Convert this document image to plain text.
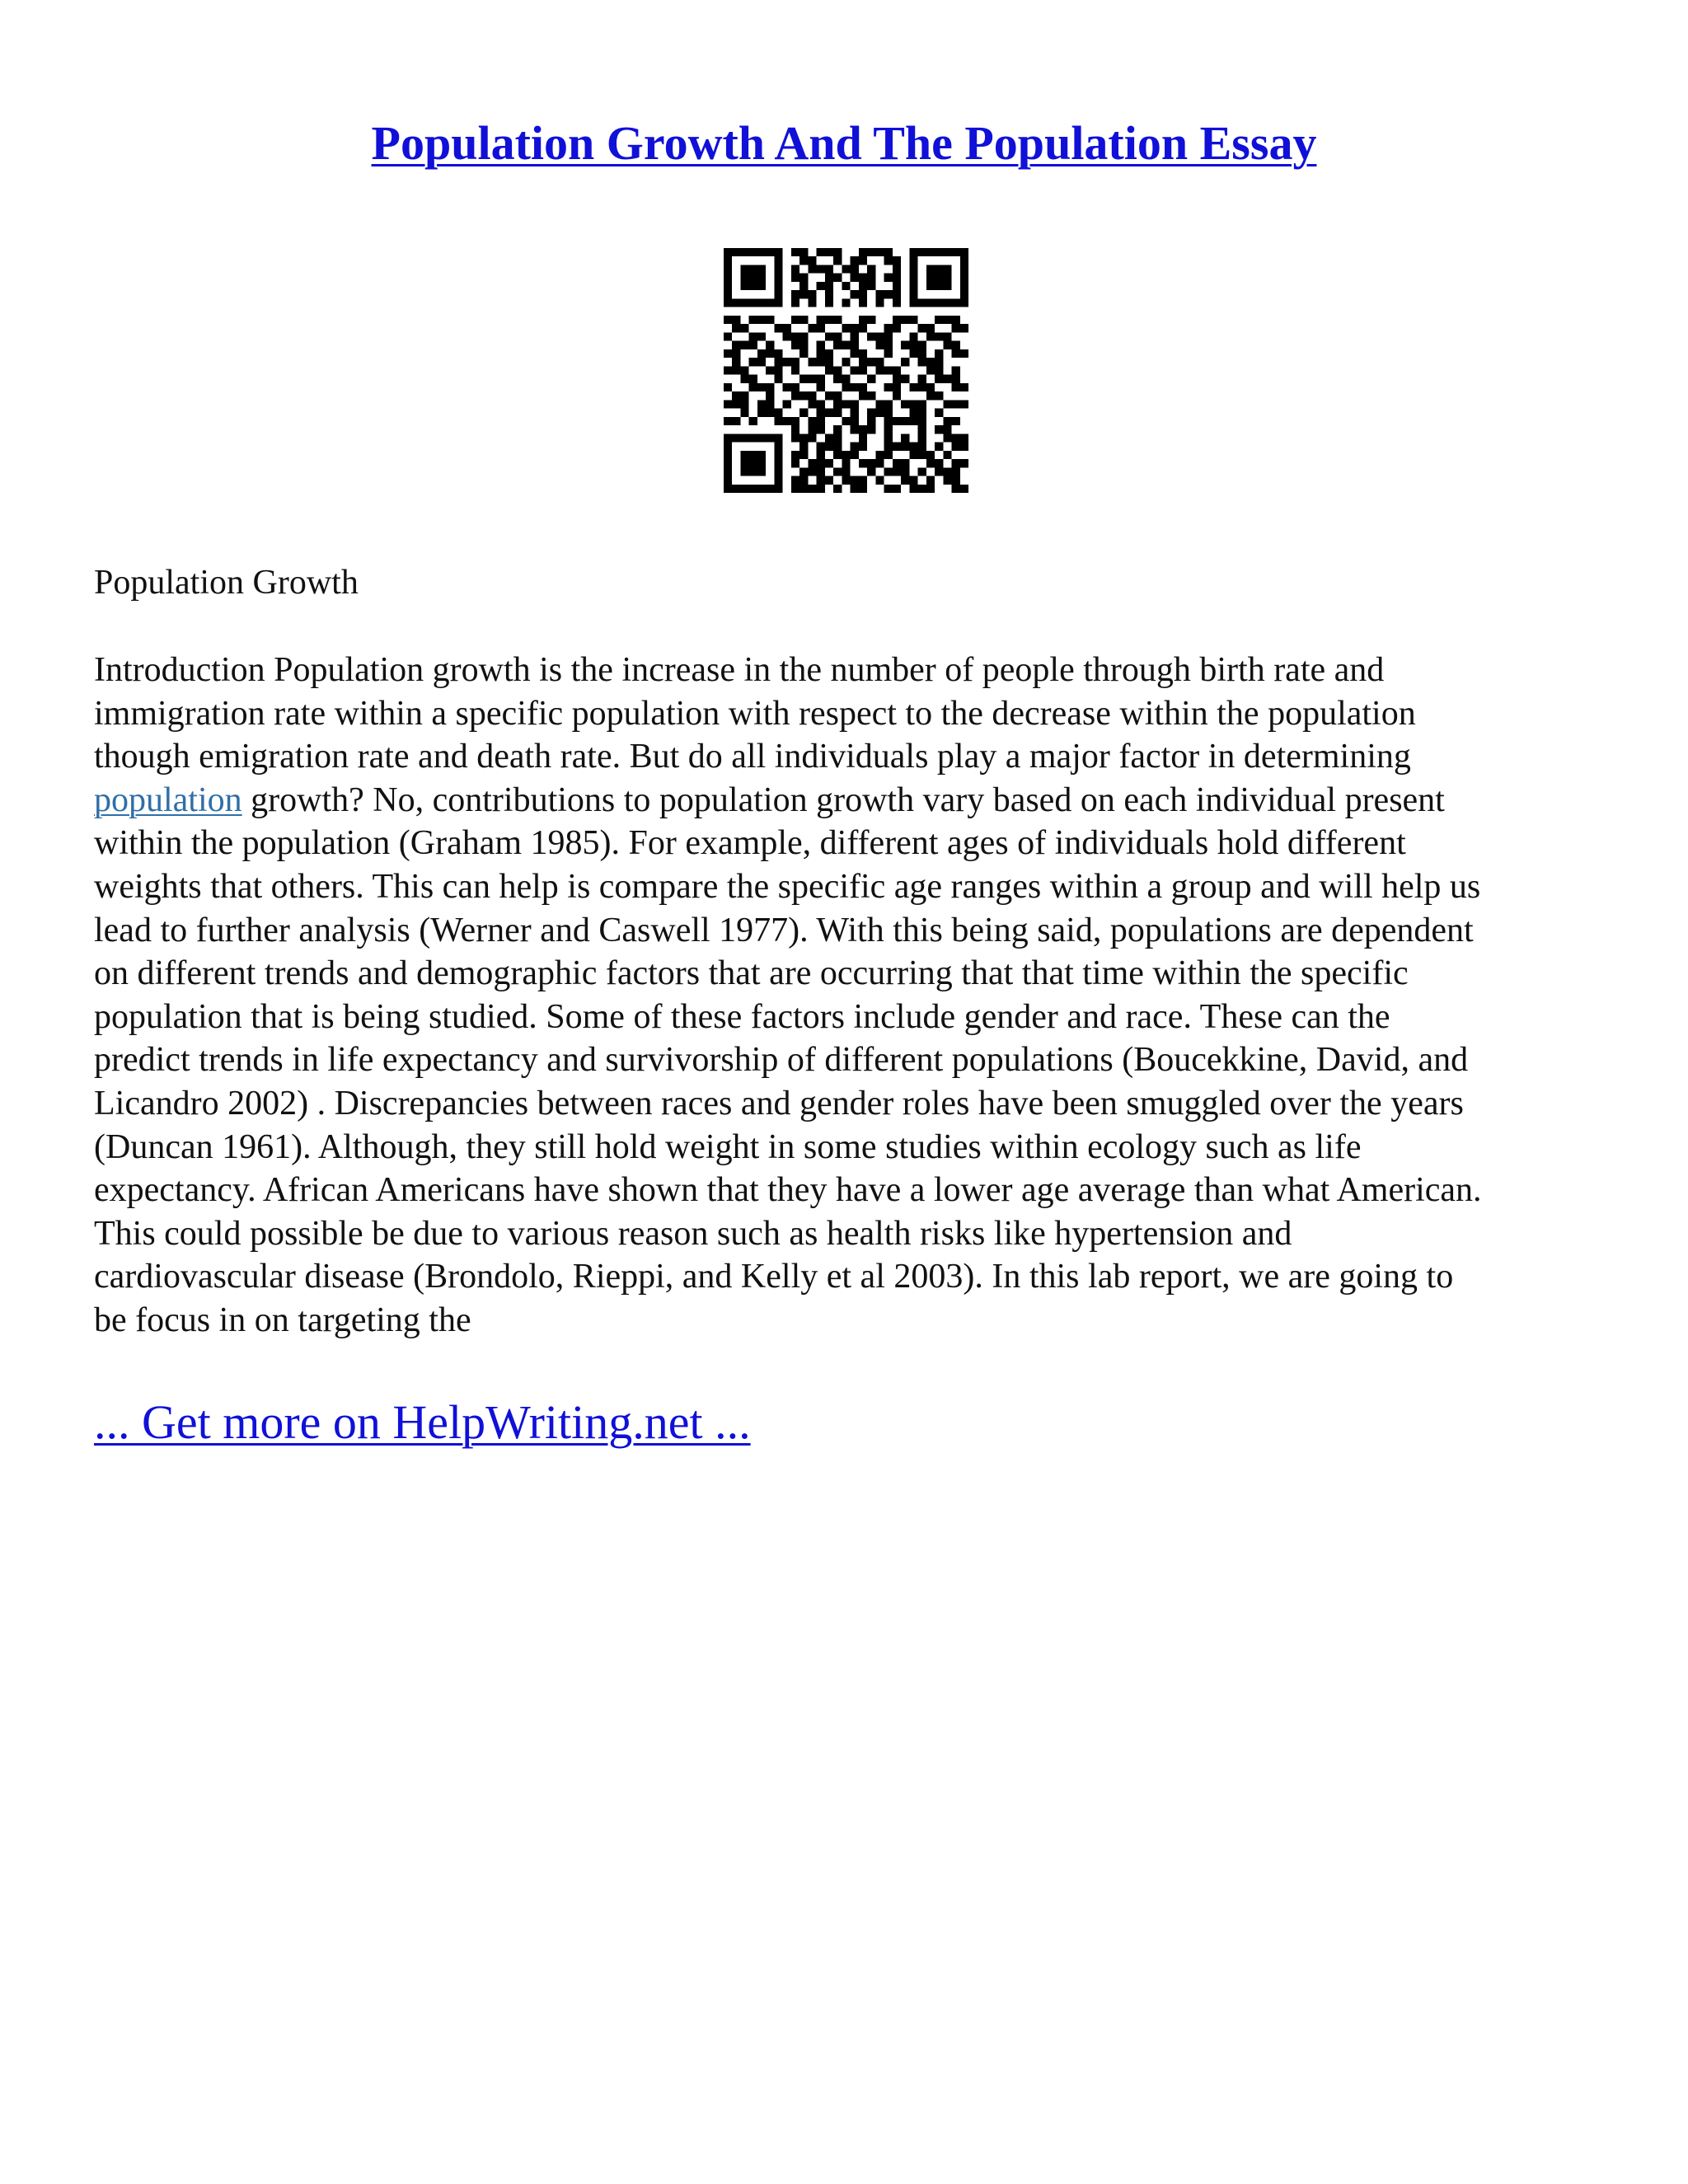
Population Growth And The Population Essay
Population Growth

Introduction Population growth is the increase in the number of people through birth rate and
immigration rate within a specific population with respect to the decrease within the population
though emigration rate and death rate. But do all individuals play a major factor in determining
population growth? No, contributions to population growth vary based on each individual present
within the population (Graham 1985). For example, different ages of individuals hold different
weights that others. This can help is compare the specific age ranges within a group and will help us
lead to further analysis (Werner and Caswell 1977). With this being said, populations are dependent
on different trends and demographic factors that are occurring that that time within the specific
population that is being studied. Some of these factors include gender and race. These can the
predict trends in life expectancy and survivorship of different populations (Boucekkine, David, and
Licandro 2002) . Discrepancies between races and gender roles have been smuggled over the years
(Duncan 1961). Although, they still hold weight in some studies within ecology such as life
expectancy. African Americans have shown that they have a lower age average than what American.
This could possible be due to various reason such as health risks like hypertension and
cardiovascular disease (Brondolo, Rieppi, and Kelly et al 2003). In this lab report, we are going to
be focus in on targeting the

... Get more on HelpWriting.net ...
